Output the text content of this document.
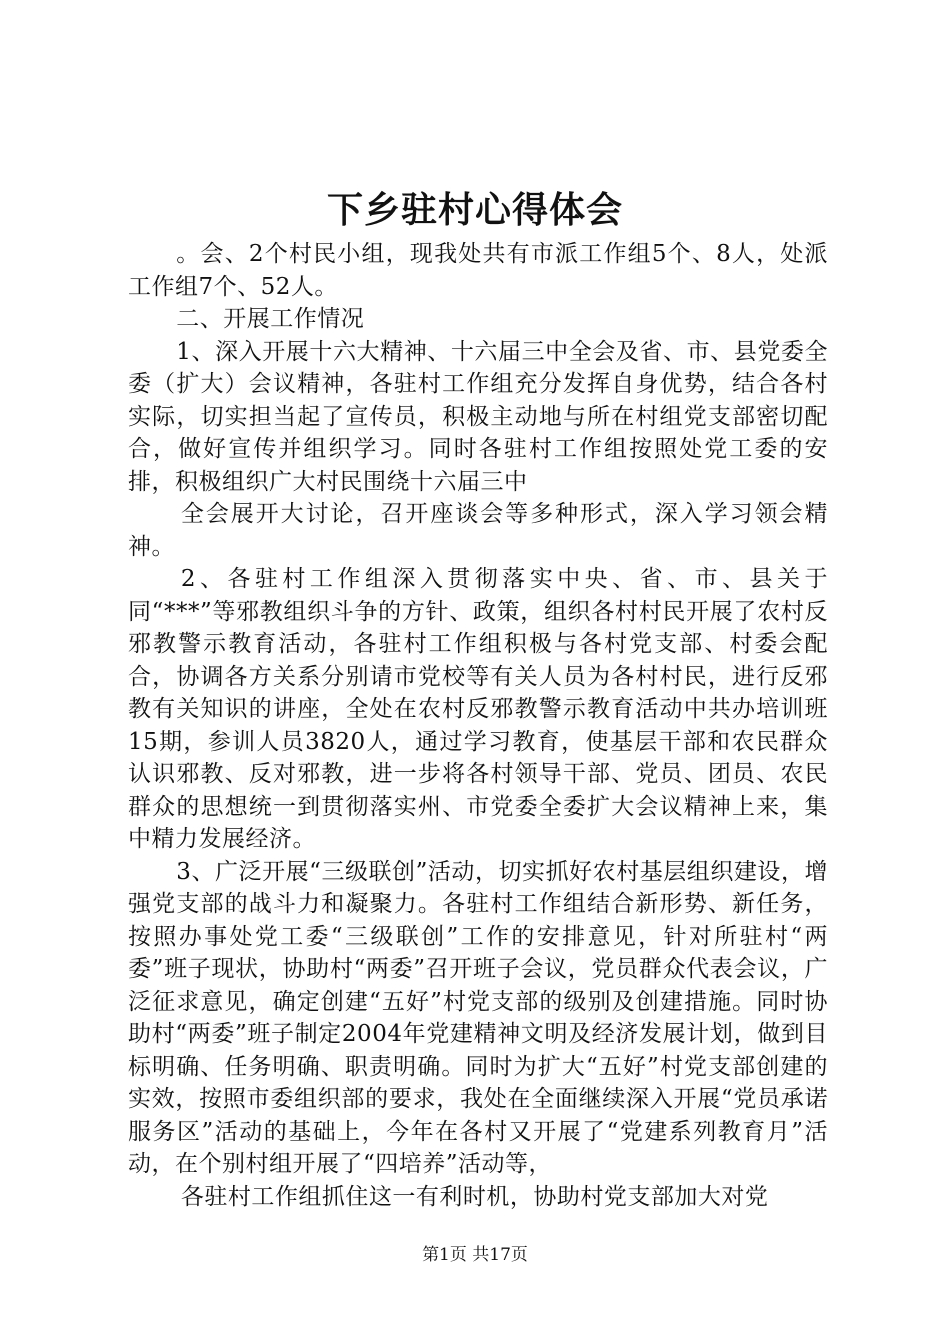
下乡驻村心得体会

。会、2个村民小组，现我处共有市派工作组5个、8人，处派工作组7个、52人。

二、开展工作情况

1、深入开展十六大精神、十六届三中全会及省、市、县党委全委（扩大）会议精神，各驻村工作组充分发挥自身优势，结合各村实际，切实担当起了宣传员，积极主动地与所在村组党支部密切配合，做好宣传并组织学习。同时各驻村工作组按照处党工委的安排，积极组织广大村民围绕十六届三中

全会展开大讨论，召开座谈会等多种形式，深入学习领会精神。

2、各驻村工作组深入贯彻落实中央、省、市、县关于同“***”等邪教组织斗争的方针、政策，组织各村村民开展了农村反邪教警示教育活动，各驻村工作组积极与各村党支部、村委会配合，协调各方关系分别请市党校等有关人员为各村村民，进行反邪教有关知识的讲座，全处在农村反邪教警示教育活动中共办培训班15期，参训人员3820人，通过学习教育，使基层干部和农民群众认识邪教、反对邪教，进一步将各村领导干部、党员、团员、农民群众的思想统一到贯彻落实州、市党委全委扩大会议精神上来，集中精力发展经济。

3、广泛开展“三级联创”活动，切实抓好农村基层组织建设，增强党支部的战斗力和凝聚力。各驻村工作组结合新形势、新任务，按照办事处党工委“三级联创”工作的安排意见，针对所驻村“两委”班子现状，协助村“两委”召开班子会议，党员群众代表会议，广泛征求意见，确定创建“五好”村党支部的级别及创建措施。同时协助村“两委”班子制定2004年党建精神文明及经济发展计划，做到目标明确、任务明确、职责明确。同时为扩大“五好”村党支部创建的实效，按照市委组织部的要求，我处在全面继续深入开展“党员承诺服务区”活动的基础上，今年在各村又开展了“党建系列教育月”活动，在个别村组开展了“四培养”活动等，

各驻村工作组抓住这一有利时机，协助村党支部加大对党

第1页 共17页
